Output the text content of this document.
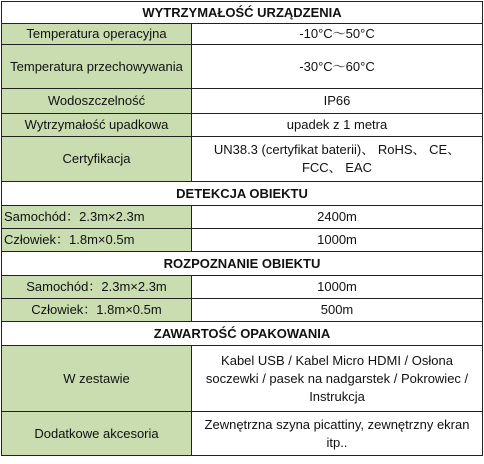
WYTRZYMAŁOŚĆ URZĄDZENIA	
Temperatura operacyjna	-10°C～50°C
Temperatura przechowywania	-30°C～60°C
Wodoszczelność	IP66
Wytrzymałość upadkowa	upadek z 1 metra
Certyfikacja	UN38.3 (certyfikat baterii)、 RoHS、 CE、 FCC、 EAC
DETEKCJA OBIEKTU	
Samochód：2.3m×2.3m	2400m
Człowiek：1.8m×0.5m	1000m
ROZPOZNANIE OBIEKTU	
Samochód：2.3m×2.3m	1000m
Człowiek：1.8m×0.5m	500m
ZAWARTOŚĆ OPAKOWANIA	
W zestawie	Kabel USB / Kabel Micro HDMI / Osłona soczewki / pasek na nadgarstek / Pokrowiec / Instrukcja
Dodatkowe akcesoria	Zewnętrzna szyna picattiny, zewnętrzny ekran itp..
